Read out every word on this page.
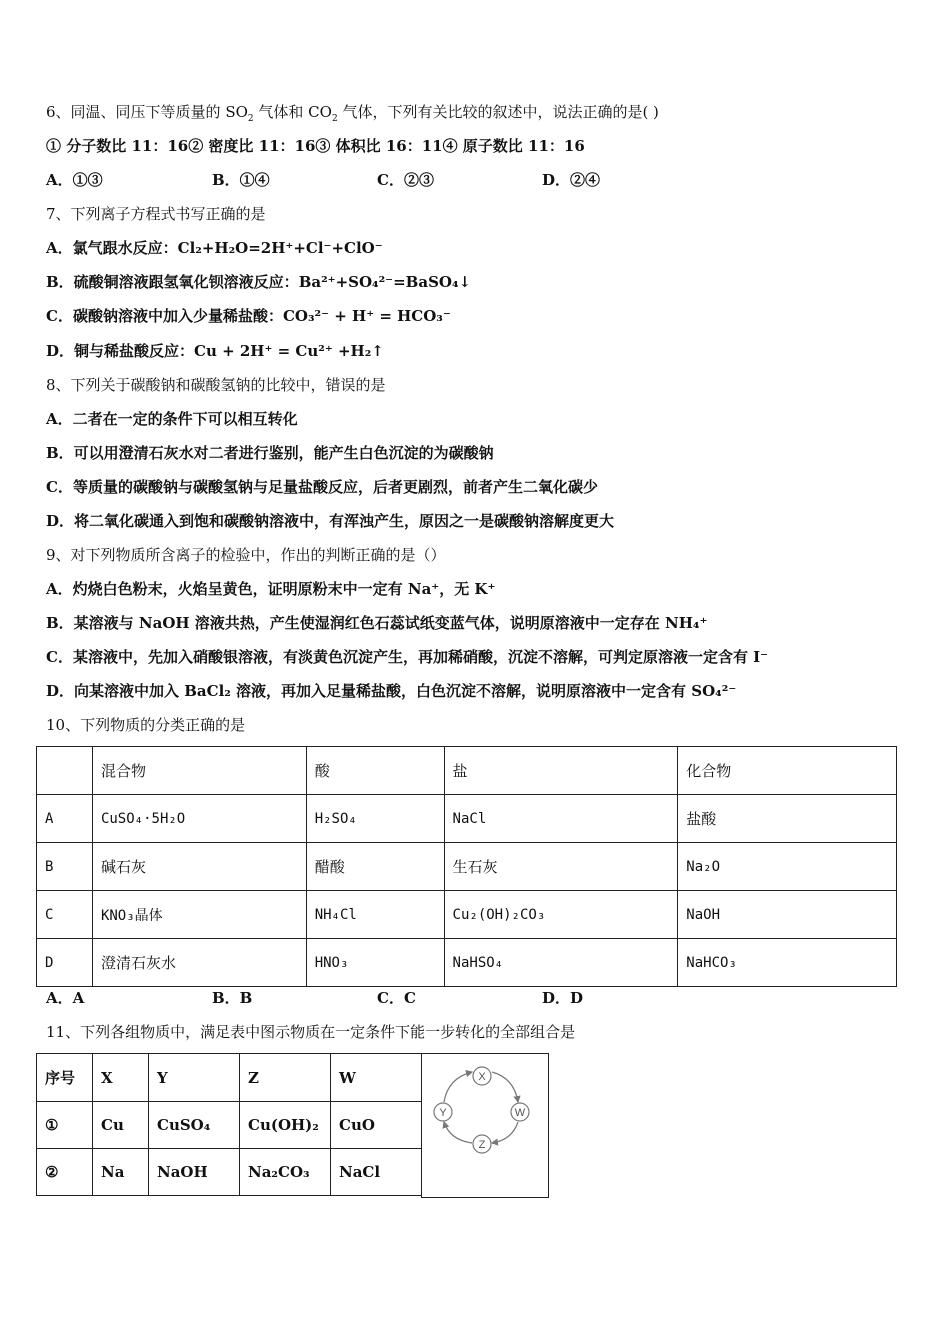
6、同温、同压下等质量的 $SO_2$ 气体和 $CO_2$ 气体，下列有关比较的叙述中，说法正确的是( )
① 分子数比 11：16② 密度比 11：16③ 体积比 16：11④ 原子数比 11：16
A．①③	B．①④	C．②③	D．②④
7、下列离子方程式书写正确的是
A．氯气跟水反应：Cl₂+H₂O=2H⁺+Cl⁻+ClO⁻
B．硫酸铜溶液跟氢氧化钡溶液反应：Ba²⁺+SO₄²⁻=BaSO₄↓
C．碳酸钠溶液中加入少量稀盐酸：CO₃²⁻ + H⁺ = HCO₃⁻
D．铜与稀盐酸反应：Cu + 2H⁺ = Cu²⁺ +H₂↑
8、下列关于碳酸钠和碳酸氢钠的比较中，错误的是
A．二者在一定的条件下可以相互转化
B．可以用澄清石灰水对二者进行鉴别，能产生白色沉淀的为碳酸钠
C．等质量的碳酸钠与碳酸氢钠与足量盐酸反应，后者更剧烈，前者产生二氧化碳少
D．将二氧化碳通入到饱和碳酸钠溶液中，有浑浊产生，原因之一是碳酸钠溶解度更大
9、对下列物质所含离子的检验中，作出的判断正确的是（）
A．灼烧白色粉末，火焰呈黄色，证明原粉末中一定有 Na⁺，无 K⁺
B．某溶液与 NaOH 溶液共热，产生使湿润红色石蕊试纸变蓝气体，说明原溶液中一定存在 NH₄⁺
C．某溶液中，先加入硝酸银溶液，有淡黄色沉淀产生，再加稀硝酸，沉淀不溶解，可判定原溶液一定含有 I⁻
D．向某溶液中加入 BaCl₂ 溶液，再加入足量稀盐酸，白色沉淀不溶解，说明原溶液中一定含有 SO₄²⁻
10、下列物质的分类正确的是
	混合物	酸	盐	化合物
A	CuSO₄·5H₂O	H₂SO₄	NaCl	盐酸
B	碱石灰	醋酸	生石灰	Na₂O
C	KNO₃晶体	NH₄Cl	Cu₂(OH)₂CO₃	NaOH
D	澄清石灰水	HNO₃	NaHSO₄	NaHCO₃
A．A	B．B	C．C	D．D
11、下列各组物质中，满足表中图示物质在一定条件下能一步转化的全部组合是
序号	X	Y	Z	W
①	Cu	CuSO₄	Cu(OH)₂	CuO
②	Na	NaOH	Na₂CO₃	NaCl
X
Y
Z
W
